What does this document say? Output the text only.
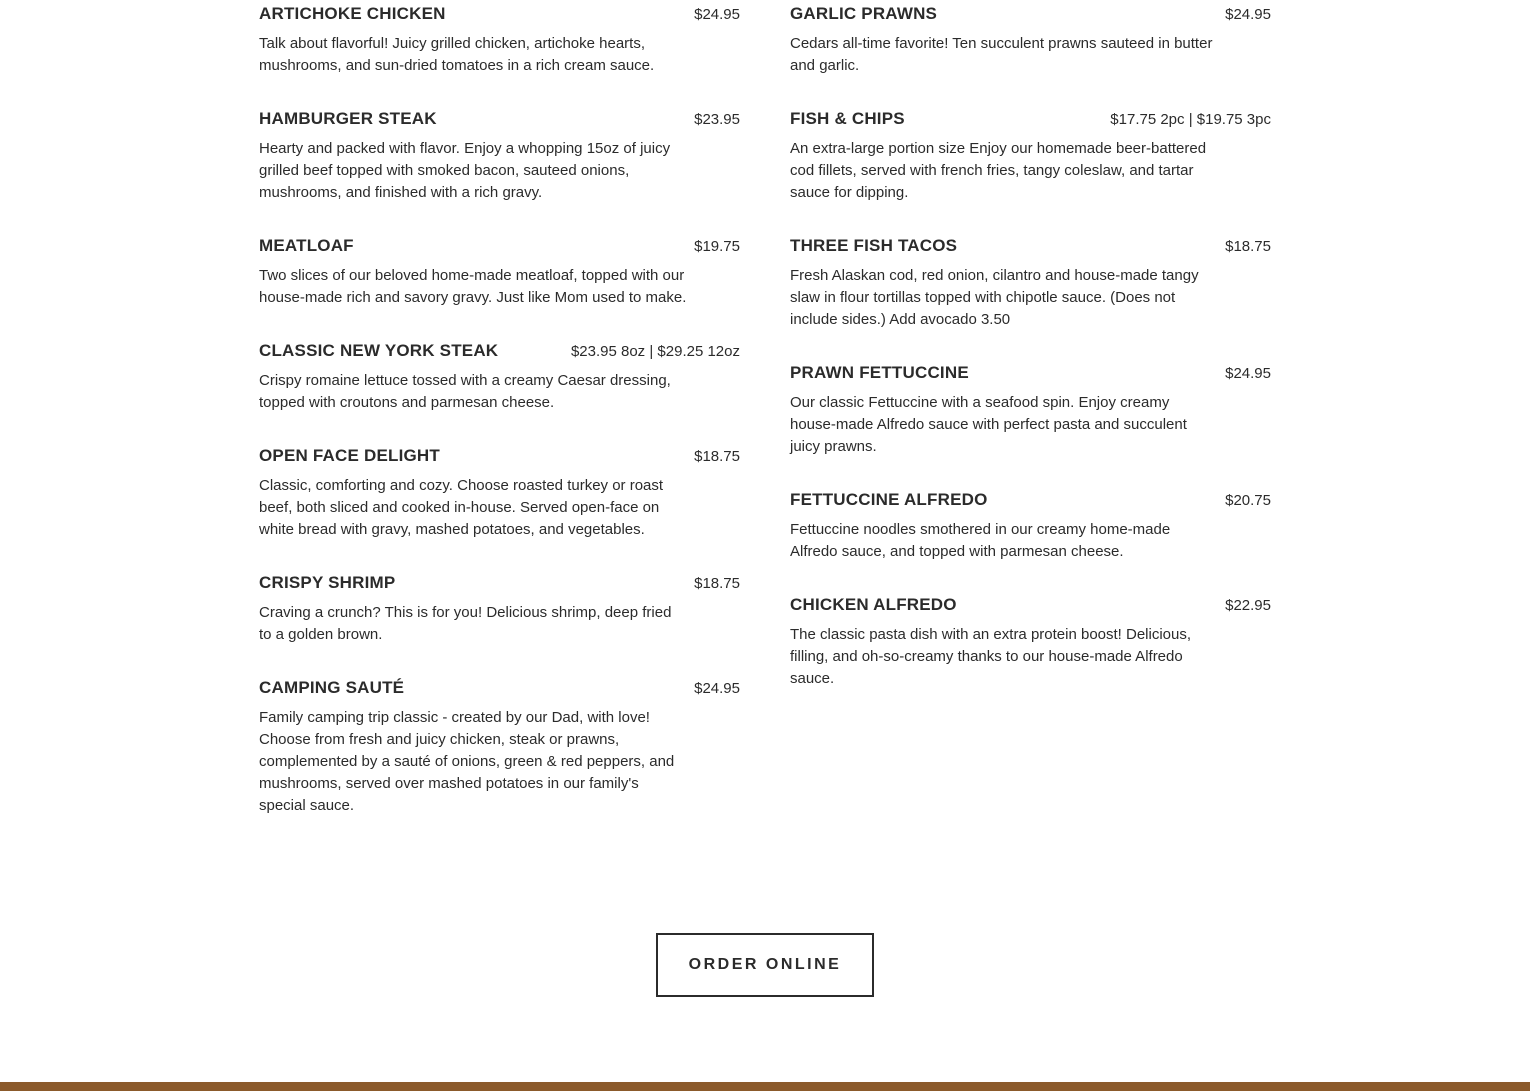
ARTICHOKE CHICKEN	$24.95
Talk about flavorful! Juicy grilled chicken, artichoke hearts, mushrooms, and sun-dried tomatoes in a rich cream sauce.
HAMBURGER STEAK	$23.95
Hearty and packed with flavor. Enjoy a whopping 15oz of juicy grilled beef topped with smoked bacon, sauteed onions, mushrooms, and finished with a rich gravy.
MEATLOAF	$19.75
Two slices of our beloved home-made meatloaf, topped with our house-made rich and savory gravy. Just like Mom used to make.
CLASSIC NEW YORK STEAK	$23.95 8oz | $29.25 12oz
Crispy romaine lettuce tossed with a creamy Caesar dressing, topped with croutons and parmesan cheese.
OPEN FACE DELIGHT	$18.75
Classic, comforting and cozy. Choose roasted turkey or roast beef, both sliced and cooked in-house. Served open-face on white bread with gravy, mashed potatoes, and vegetables.
CRISPY SHRIMP	$18.75
Craving a crunch? This is for you! Delicious shrimp, deep fried to a golden brown.
CAMPING SAUTÉ	$24.95
Family camping trip classic - created by our Dad, with love! Choose from fresh and juicy chicken, steak or prawns, complemented by a sauté of onions, green & red peppers, and mushrooms, served over mashed potatoes in our family's special sauce.
GARLIC PRAWNS	$24.95
Cedars all-time favorite! Ten succulent prawns sauteed in butter and garlic.
FISH & CHIPS	$17.75 2pc | $19.75 3pc
An extra-large portion size Enjoy our homemade beer-battered cod fillets, served with french fries, tangy coleslaw, and tartar sauce for dipping.
THREE FISH TACOS	$18.75
Fresh Alaskan cod, red onion, cilantro and house-made tangy slaw in flour tortillas topped with chipotle sauce. (Does not include sides.) Add avocado 3.50
PRAWN FETTUCCINE	$24.95
Our classic Fettuccine with a seafood spin. Enjoy creamy house-made Alfredo sauce with perfect pasta and succulent juicy prawns.
FETTUCCINE ALFREDO	$20.75
Fettuccine noodles smothered in our creamy home-made Alfredo sauce, and topped with parmesan cheese.
CHICKEN ALFREDO	$22.95
The classic pasta dish with an extra protein boost! Delicious, filling, and oh-so-creamy thanks to our house-made Alfredo sauce.
ORDER ONLINE
